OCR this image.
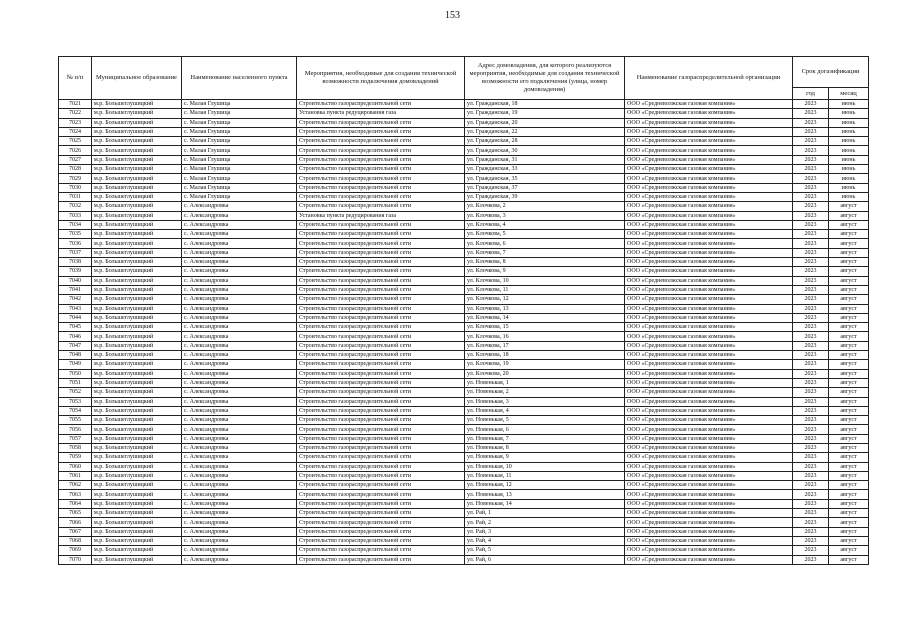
153
№ п/п	Муниципальное образование	Наименование населенного пункта	Мероприятия, необходимые для создания технической возможности подключения домовладений	Адрес домовладения, для которого реализуются мероприятия, необходимые для создания технической возможности его подключения (улица, номер домовладения)	Наименование газораспределительной организации	Срок догазификации	
						год	месяц
7021	м.р. Большеглушицкий	с. Малая Глушица	Строительство газораспределительной сети	ул. Гражданская, 18	ООО «Средневолжская газовая компания»	2023	июнь
7022	м.р. Большеглушицкий	с. Малая Глушица	Установка пункта редуцирования газа	ул. Гражданская, 19	ООО «Средневолжская газовая компания»	2023	июнь
7023	м.р. Большеглушицкий	с. Малая Глушица	Строительство газораспределительной сети	ул. Гражданская, 20	ООО «Средневолжская газовая компания»	2023	июнь
7024	м.р. Большеглушицкий	с. Малая Глушица	Строительство газораспределительной сети	ул. Гражданская, 22	ООО «Средневолжская газовая компания»	2023	июнь
7025	м.р. Большеглушицкий	с. Малая Глушица	Строительство газораспределительной сети	ул. Гражданская, 28	ООО «Средневолжская газовая компания»	2023	июнь
7026	м.р. Большеглушицкий	с. Малая Глушица	Строительство газораспределительной сети	ул. Гражданская, 30	ООО «Средневолжская газовая компания»	2023	июнь
7027	м.р. Большеглушицкий	с. Малая Глушица	Строительство газораспределительной сети	ул. Гражданская, 31	ООО «Средневолжская газовая компания»	2023	июнь
7028	м.р. Большеглушицкий	с. Малая Глушица	Строительство газораспределительной сети	ул. Гражданская, 33	ООО «Средневолжская газовая компания»	2023	июнь
7029	м.р. Большеглушицкий	с. Малая Глушица	Строительство газораспределительной сети	ул. Гражданская, 35	ООО «Средневолжская газовая компания»	2023	июнь
7030	м.р. Большеглушицкий	с. Малая Глушица	Строительство газораспределительной сети	ул. Гражданская, 37	ООО «Средневолжская газовая компания»	2023	июнь
7031	м.р. Большеглушицкий	с. Малая Глушица	Строительство газораспределительной сети	ул. Гражданская, 39	ООО «Средневолжская газовая компания»	2023	июнь
7032	м.р. Большеглушицкий	с. Александровка	Строительство газораспределительной сети	ул. Клочкова, 2	ООО «Средневолжская газовая компания»	2023	август
7033	м.р. Большеглушицкий	с. Александровка	Установка пункта редуцирования газа	ул. Клочкова, 3	ООО «Средневолжская газовая компания»	2023	август
7034	м.р. Большеглушицкий	с. Александровка	Строительство газораспределительной сети	ул. Клочкова, 4	ООО «Средневолжская газовая компания»	2023	август
7035	м.р. Большеглушицкий	с. Александровка	Строительство газораспределительной сети	ул. Клочкова, 5	ООО «Средневолжская газовая компания»	2023	август
7036	м.р. Большеглушицкий	с. Александровка	Строительство газораспределительной сети	ул. Клочкова, 6	ООО «Средневолжская газовая компания»	2023	август
7037	м.р. Большеглушицкий	с. Александровка	Строительство газораспределительной сети	ул. Клочкова, 7	ООО «Средневолжская газовая компания»	2023	август
7038	м.р. Большеглушицкий	с. Александровка	Строительство газораспределительной сети	ул. Клочкова, 8	ООО «Средневолжская газовая компания»	2023	август
7039	м.р. Большеглушицкий	с. Александровка	Строительство газораспределительной сети	ул. Клочкова, 9	ООО «Средневолжская газовая компания»	2023	август
7040	м.р. Большеглушицкий	с. Александровка	Строительство газораспределительной сети	ул. Клочкова, 10	ООО «Средневолжская газовая компания»	2023	август
7041	м.р. Большеглушицкий	с. Александровка	Строительство газораспределительной сети	ул. Клочкова, 11	ООО «Средневолжская газовая компания»	2023	август
7042	м.р. Большеглушицкий	с. Александровка	Строительство газораспределительной сети	ул. Клочкова, 12	ООО «Средневолжская газовая компания»	2023	август
7043	м.р. Большеглушицкий	с. Александровка	Строительство газораспределительной сети	ул. Клочкова, 13	ООО «Средневолжская газовая компания»	2023	август
7044	м.р. Большеглушицкий	с. Александровка	Строительство газораспределительной сети	ул. Клочкова, 14	ООО «Средневолжская газовая компания»	2023	август
7045	м.р. Большеглушицкий	с. Александровка	Строительство газораспределительной сети	ул. Клочкова, 15	ООО «Средневолжская газовая компания»	2023	август
7046	м.р. Большеглушицкий	с. Александровка	Строительство газораспределительной сети	ул. Клочкова, 16	ООО «Средневолжская газовая компания»	2023	август
7047	м.р. Большеглушицкий	с. Александровка	Строительство газораспределительной сети	ул. Клочкова, 17	ООО «Средневолжская газовая компания»	2023	август
7048	м.р. Большеглушицкий	с. Александровка	Строительство газораспределительной сети	ул. Клочкова, 18	ООО «Средневолжская газовая компания»	2023	август
7049	м.р. Большеглушицкий	с. Александровка	Строительство газораспределительной сети	ул. Клочкова, 19	ООО «Средневолжская газовая компания»	2023	август
7050	м.р. Большеглушицкий	с. Александровка	Строительство газораспределительной сети	ул. Клочкова, 20	ООО «Средневолжская газовая компания»	2023	август
7051	м.р. Большеглушицкий	с. Александровка	Строительство газораспределительной сети	ул. Новенькая, 1	ООО «Средневолжская газовая компания»	2023	август
7052	м.р. Большеглушицкий	с. Александровка	Строительство газораспределительной сети	ул. Новенькая, 2	ООО «Средневолжская газовая компания»	2023	август
7053	м.р. Большеглушицкий	с. Александровка	Строительство газораспределительной сети	ул. Новенькая, 3	ООО «Средневолжская газовая компания»	2023	август
7054	м.р. Большеглушицкий	с. Александровка	Строительство газораспределительной сети	ул. Новенькая, 4	ООО «Средневолжская газовая компания»	2023	август
7055	м.р. Большеглушицкий	с. Александровка	Строительство газораспределительной сети	ул. Новенькая, 5	ООО «Средневолжская газовая компания»	2023	август
7056	м.р. Большеглушицкий	с. Александровка	Строительство газораспределительной сети	ул. Новенькая, 6	ООО «Средневолжская газовая компания»	2023	август
7057	м.р. Большеглушицкий	с. Александровка	Строительство газораспределительной сети	ул. Новенькая, 7	ООО «Средневолжская газовая компания»	2023	август
7058	м.р. Большеглушицкий	с. Александровка	Строительство газораспределительной сети	ул. Новенькая, 8	ООО «Средневолжская газовая компания»	2023	август
7059	м.р. Большеглушицкий	с. Александровка	Строительство газораспределительной сети	ул. Новенькая, 9	ООО «Средневолжская газовая компания»	2023	август
7060	м.р. Большеглушицкий	с. Александровка	Строительство газораспределительной сети	ул. Новенькая, 10	ООО «Средневолжская газовая компания»	2023	август
7061	м.р. Большеглушицкий	с. Александровка	Строительство газораспределительной сети	ул. Новенькая, 11	ООО «Средневолжская газовая компания»	2023	август
7062	м.р. Большеглушицкий	с. Александровка	Строительство газораспределительной сети	ул. Новенькая, 12	ООО «Средневолжская газовая компания»	2023	август
7063	м.р. Большеглушицкий	с. Александровка	Строительство газораспределительной сети	ул. Новенькая, 13	ООО «Средневолжская газовая компания»	2023	август
7064	м.р. Большеглушицкий	с. Александровка	Строительство газораспределительной сети	ул. Новенькая, 14	ООО «Средневолжская газовая компания»	2023	август
7065	м.р. Большеглушицкий	с. Александровка	Строительство газораспределительной сети	ул. Рай, 1	ООО «Средневолжская газовая компания»	2023	август
7066	м.р. Большеглушицкий	с. Александровка	Строительство газораспределительной сети	ул. Рай, 2	ООО «Средневолжская газовая компания»	2023	август
7067	м.р. Большеглушицкий	с. Александровка	Строительство газораспределительной сети	ул. Рай, 3	ООО «Средневолжская газовая компания»	2023	август
7068	м.р. Большеглушицкий	с. Александровка	Строительство газораспределительной сети	ул. Рай, 4	ООО «Средневолжская газовая компания»	2023	август
7069	м.р. Большеглушицкий	с. Александровка	Строительство газораспределительной сети	ул. Рай, 5	ООО «Средневолжская газовая компания»	2023	август
7070	м.р. Большеглушицкий	с. Александровка	Строительство газораспределительной сети	ул. Рай, 6	ООО «Средневолжская газовая компания»	2023	август
